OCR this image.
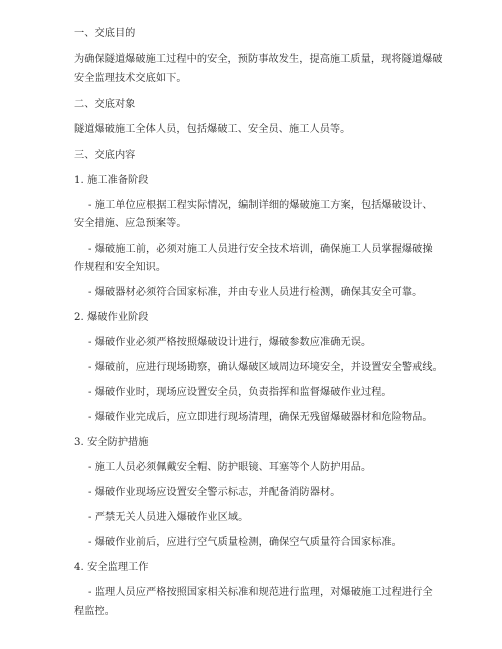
一、交底目的
为确保隧道爆破施工过程中的安全，预防事故发生，提高施工质量，现将隧道爆破
安全监理技术交底如下。
二、交底对象
隧道爆破施工全体人员，包括爆破工、安全员、施工人员等。
三、交底内容
1. 施工准备阶段
- 施工单位应根据工程实际情况，编制详细的爆破施工方案，包括爆破设计、
安全措施、应急预案等。
- 爆破施工前，必须对施工人员进行安全技术培训，确保施工人员掌握爆破操
作规程和安全知识。
- 爆破器材必须符合国家标准，并由专业人员进行检测，确保其安全可靠。
2. 爆破作业阶段
- 爆破作业必须严格按照爆破设计进行，爆破参数应准确无误。
- 爆破前，应进行现场勘察，确认爆破区域周边环境安全，并设置安全警戒线。
- 爆破作业时，现场应设置安全员，负责指挥和监督爆破作业过程。
- 爆破作业完成后，应立即进行现场清理，确保无残留爆破器材和危险物品。
3. 安全防护措施
- 施工人员必须佩戴安全帽、防护眼镜、耳塞等个人防护用品。
- 爆破作业现场应设置安全警示标志，并配备消防器材。
- 严禁无关人员进入爆破作业区域。
- 爆破作业前后，应进行空气质量检测，确保空气质量符合国家标准。
4. 安全监理工作
- 监理人员应严格按照国家相关标准和规范进行监理，对爆破施工过程进行全
程监控。
